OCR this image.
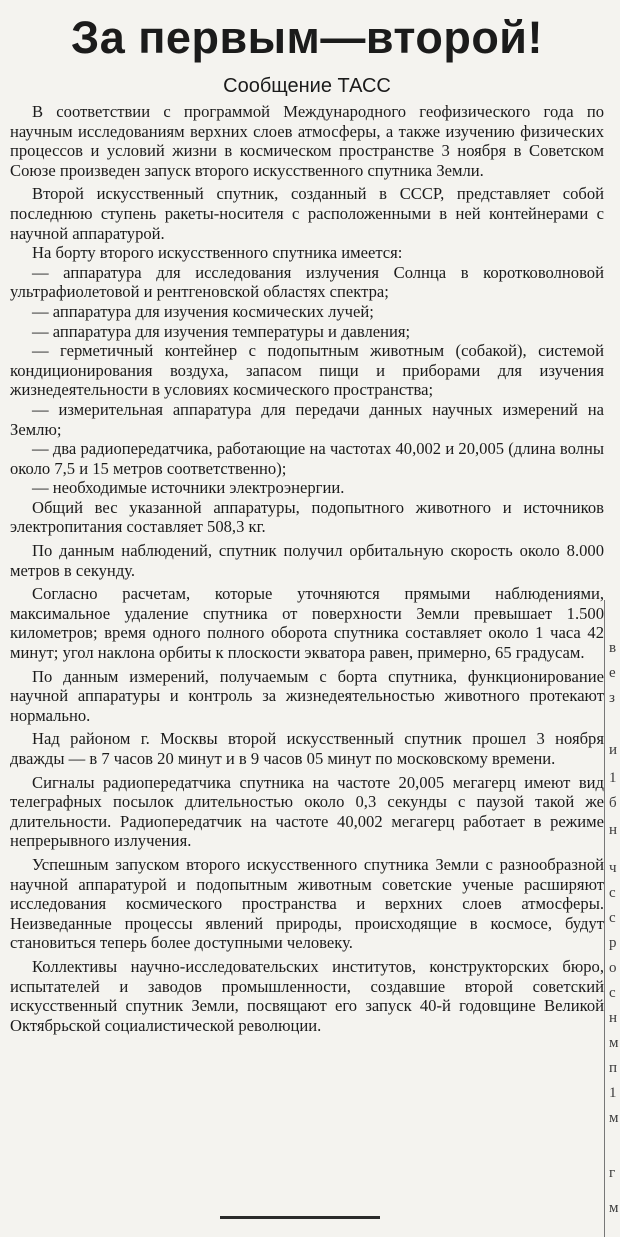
За первым—второй!
Сообщение ТАСС

В соответствии с программой Международного геофизического года по научным исследованиям верхних слоев атмосферы, а также изучению физических процессов и условий жизни в космическом пространстве 3 ноября в Советском Союзе произведен запуск второго искусственного спутника Земли.

Второй искусственный спутник, созданный в СССР, представляет собой последнюю ступень ракеты-носителя с расположенными в ней контейнерами с научной аппаратурой.

На борту второго искусственного спутника имеется:

— аппаратура для исследования излучения Солнца в коротковолновой ультрафиолетовой и рентгеновской областях спектра;

— аппаратура для изучения космических лучей;

— аппаратура для изучения температуры и давления;

— герметичный контейнер с подопытным животным (собакой), системой кондиционирования воздуха, запасом пищи и приборами для изучения жизнедеятельности в условиях космического пространства;

— измерительная аппаратура для передачи данных научных измерений на Землю;

— два радиопередатчика, работающие на частотах 40,002 и 20,005 (длина волны около 7,5 и 15 метров соответственно);

— необходимые источники электроэнергии.

Общий вес указанной аппаратуры, подопытного животного и источников электропитания составляет 508,3 кг.

По данным наблюдений, спутник получил орбитальную скорость около 8.000 метров в секунду.

Согласно расчетам, которые уточняются прямыми наблюдениями, максимальное удаление спутника от поверхности Земли превышает 1.500 километров; время одного полного оборота спутника составляет около 1 часа 42 минут; угол наклона орбиты к плоскости экватора равен, примерно, 65 градусам.

По данным измерений, получаемым с борта спутника, функционирование научной аппаратуры и контроль за жизнедеятельностью животного протекают нормально.

Над районом г. Москвы второй искусственный спутник прошел 3 ноября дважды — в 7 часов 20 минут и в 9 часов 05 минут по московскому времени.

Сигналы радиопередатчика спутника на частоте 20,005 мегагерц имеют вид телеграфных посылок длительностью около 0,3 секунды с паузой такой же длительности. Радиопередатчик на частоте 40,002 мегагерц работает в режиме непрерывного излучения.

Успешным запуском второго искусственного спутника Земли с разнообразной научной аппаратурой и подопытным животным советские ученые расширяют исследования космического пространства и верхних слоев атмосферы. Неизведанные процессы явлений природы, происходящие в космосе, будут становиться теперь более доступными человеку.

Коллективы научно-исследовательских институтов, конструкторских бюро, испытателей и заводов промышленности, создавшие второй советский искусственный спутник Земли, посвящают его запуск 40-й годовщине Великой Октябрьской социалистической революции.

в
е
з
и
1
б
н
ч
с
с
р
о
с
н
м
п
1
м
г
м
